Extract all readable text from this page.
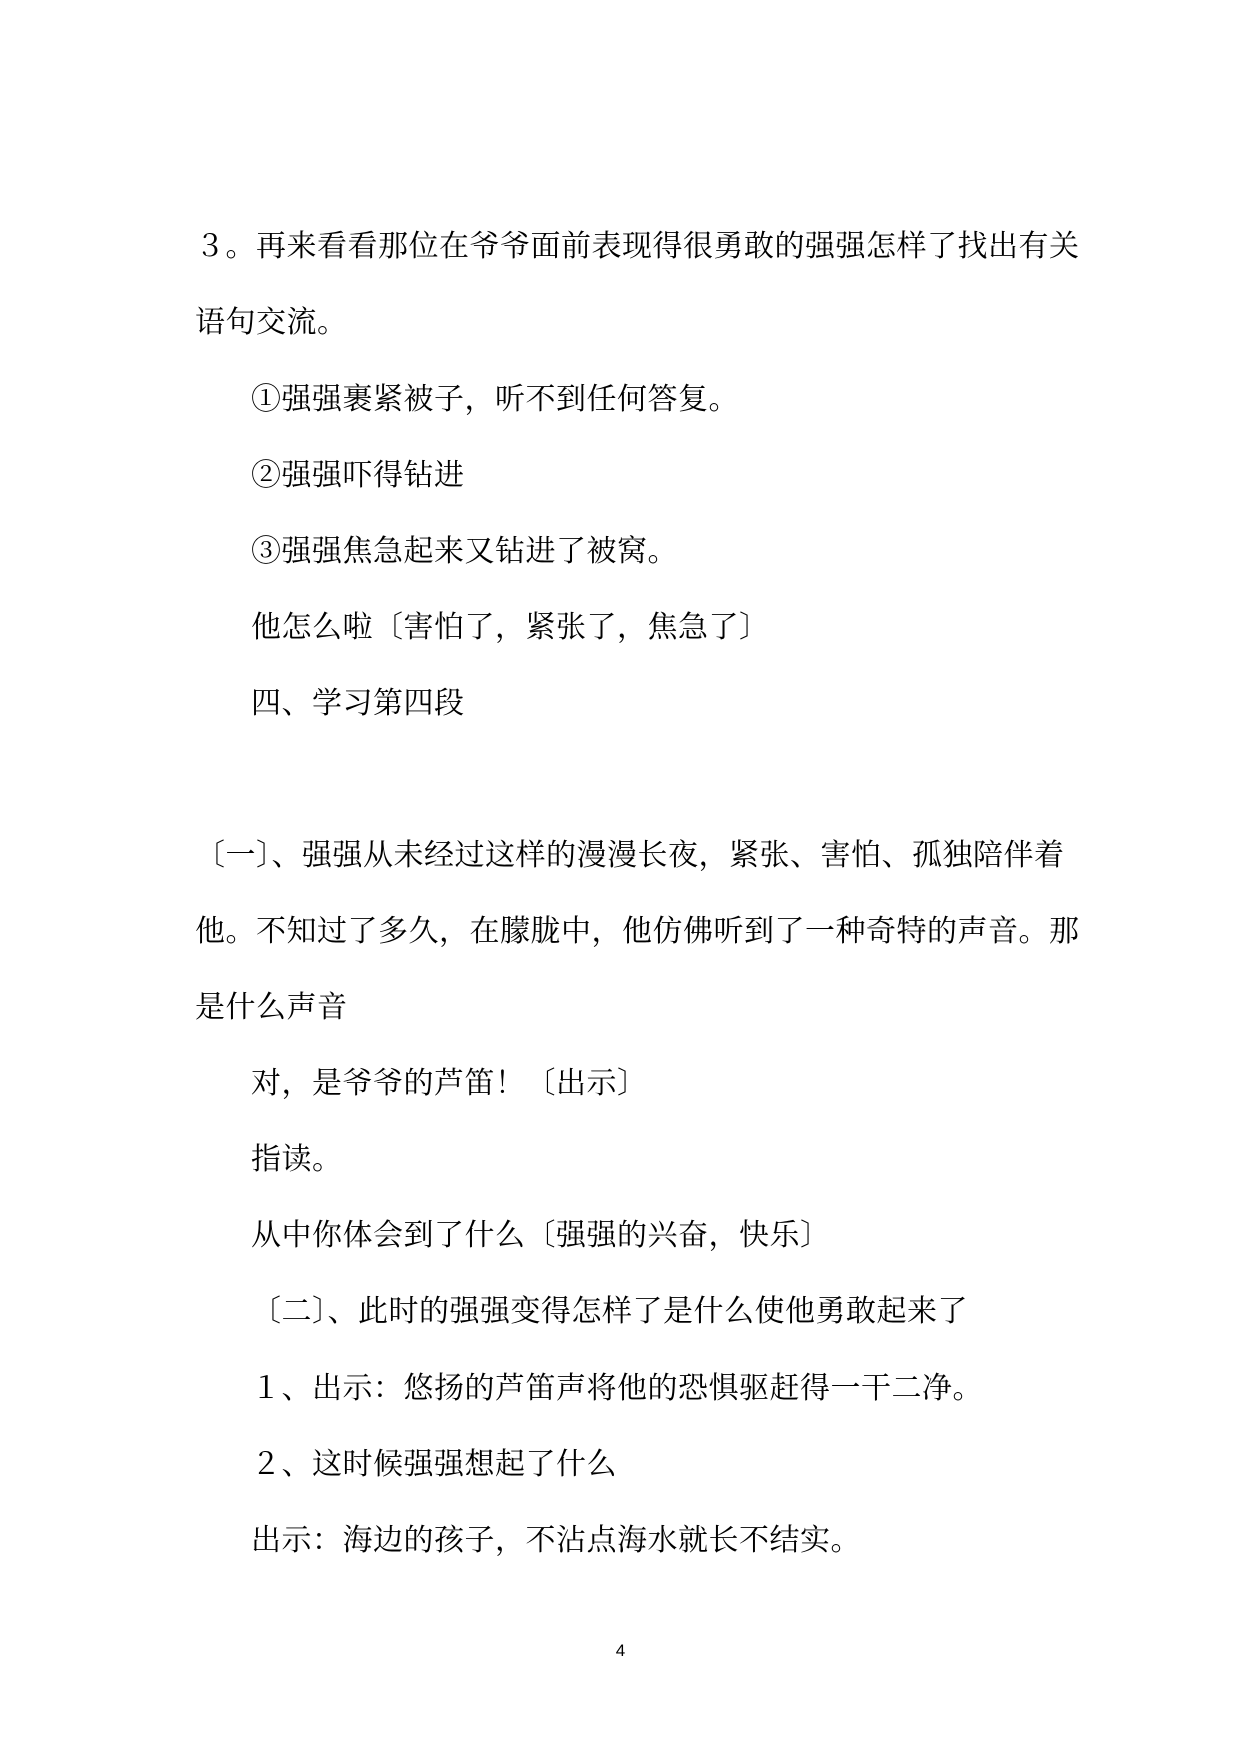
３。再来看看那位在爷爷面前表现得很勇敢的强强怎样了找出有关
语句交流。
①强强裹紧被子，听不到任何答复。
②强强吓得钻进
③强强焦急起来又钻进了被窝。
他怎么啦〔害怕了，紧张了，焦急了〕
四、学习第四段
〔一〕、强强从未经过这样的漫漫长夜，紧张、害怕、孤独陪伴着
他。不知过了多久，在朦胧中，他仿佛听到了一种奇特的声音。那
是什么声音
对，是爷爷的芦笛！〔出示〕
指读。
从中你体会到了什么〔强强的兴奋，快乐〕
〔二〕、此时的强强变得怎样了是什么使他勇敢起来了
１、出示：悠扬的芦笛声将他的恐惧驱赶得一干二净。
２、这时候强强想起了什么
出示：海边的孩子，不沾点海水就长不结实。
4
